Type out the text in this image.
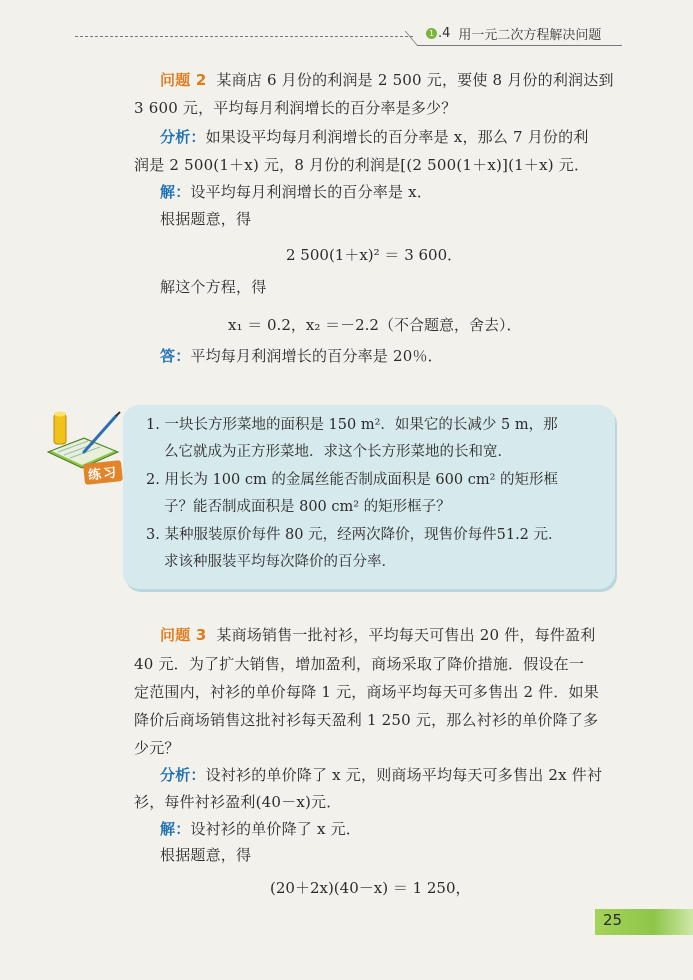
1 .4 用一元二次方程解决问题
问题 2 某商店 6 月份的利润是 2 500 元，要使 8 月份的利润达到
3 600 元，平均每月利润增长的百分率是多少？
分析：如果设平均每月利润增长的百分率是 x，那么 7 月份的利
润是 2 500(1＋x) 元，8 月份的利润是[(2 500(1＋x)](1＋x) 元．
解：设平均每月利润增长的百分率是 x．
根据题意，得
2 500(1＋x)² ＝ 3 600．
解这个方程，得
x₁ ＝ 0.2，x₂ ＝－2.2（不合题意，舍去）．
答：平均每月利润增长的百分率是 20％．
练习
1. 一块长方形菜地的面积是 150 m²．如果它的长减少 5 m，那
么它就成为正方形菜地．求这个长方形菜地的长和宽．
2. 用长为 100 cm 的金属丝能否制成面积是 600 cm² 的矩形框
子？能否制成面积是 800 cm² 的矩形框子？
3. 某种服装原价每件 80 元，经两次降价，现售价每件51.2 元．
求该种服装平均每次降价的百分率．
问题 3 某商场销售一批衬衫，平均每天可售出 20 件，每件盈利
40 元．为了扩大销售，增加盈利，商场采取了降价措施．假设在一
定范围内，衬衫的单价每降 1 元，商场平均每天可多售出 2 件．如果
降价后商场销售这批衬衫每天盈利 1 250 元，那么衬衫的单价降了多
少元？
分析：设衬衫的单价降了 x 元，则商场平均每天可多售出 2x 件衬
衫，每件衬衫盈利(40－x)元．
解：设衬衫的单价降了 x 元．
根据题意，得
(20＋2x)(40－x) ＝ 1 250，
25
